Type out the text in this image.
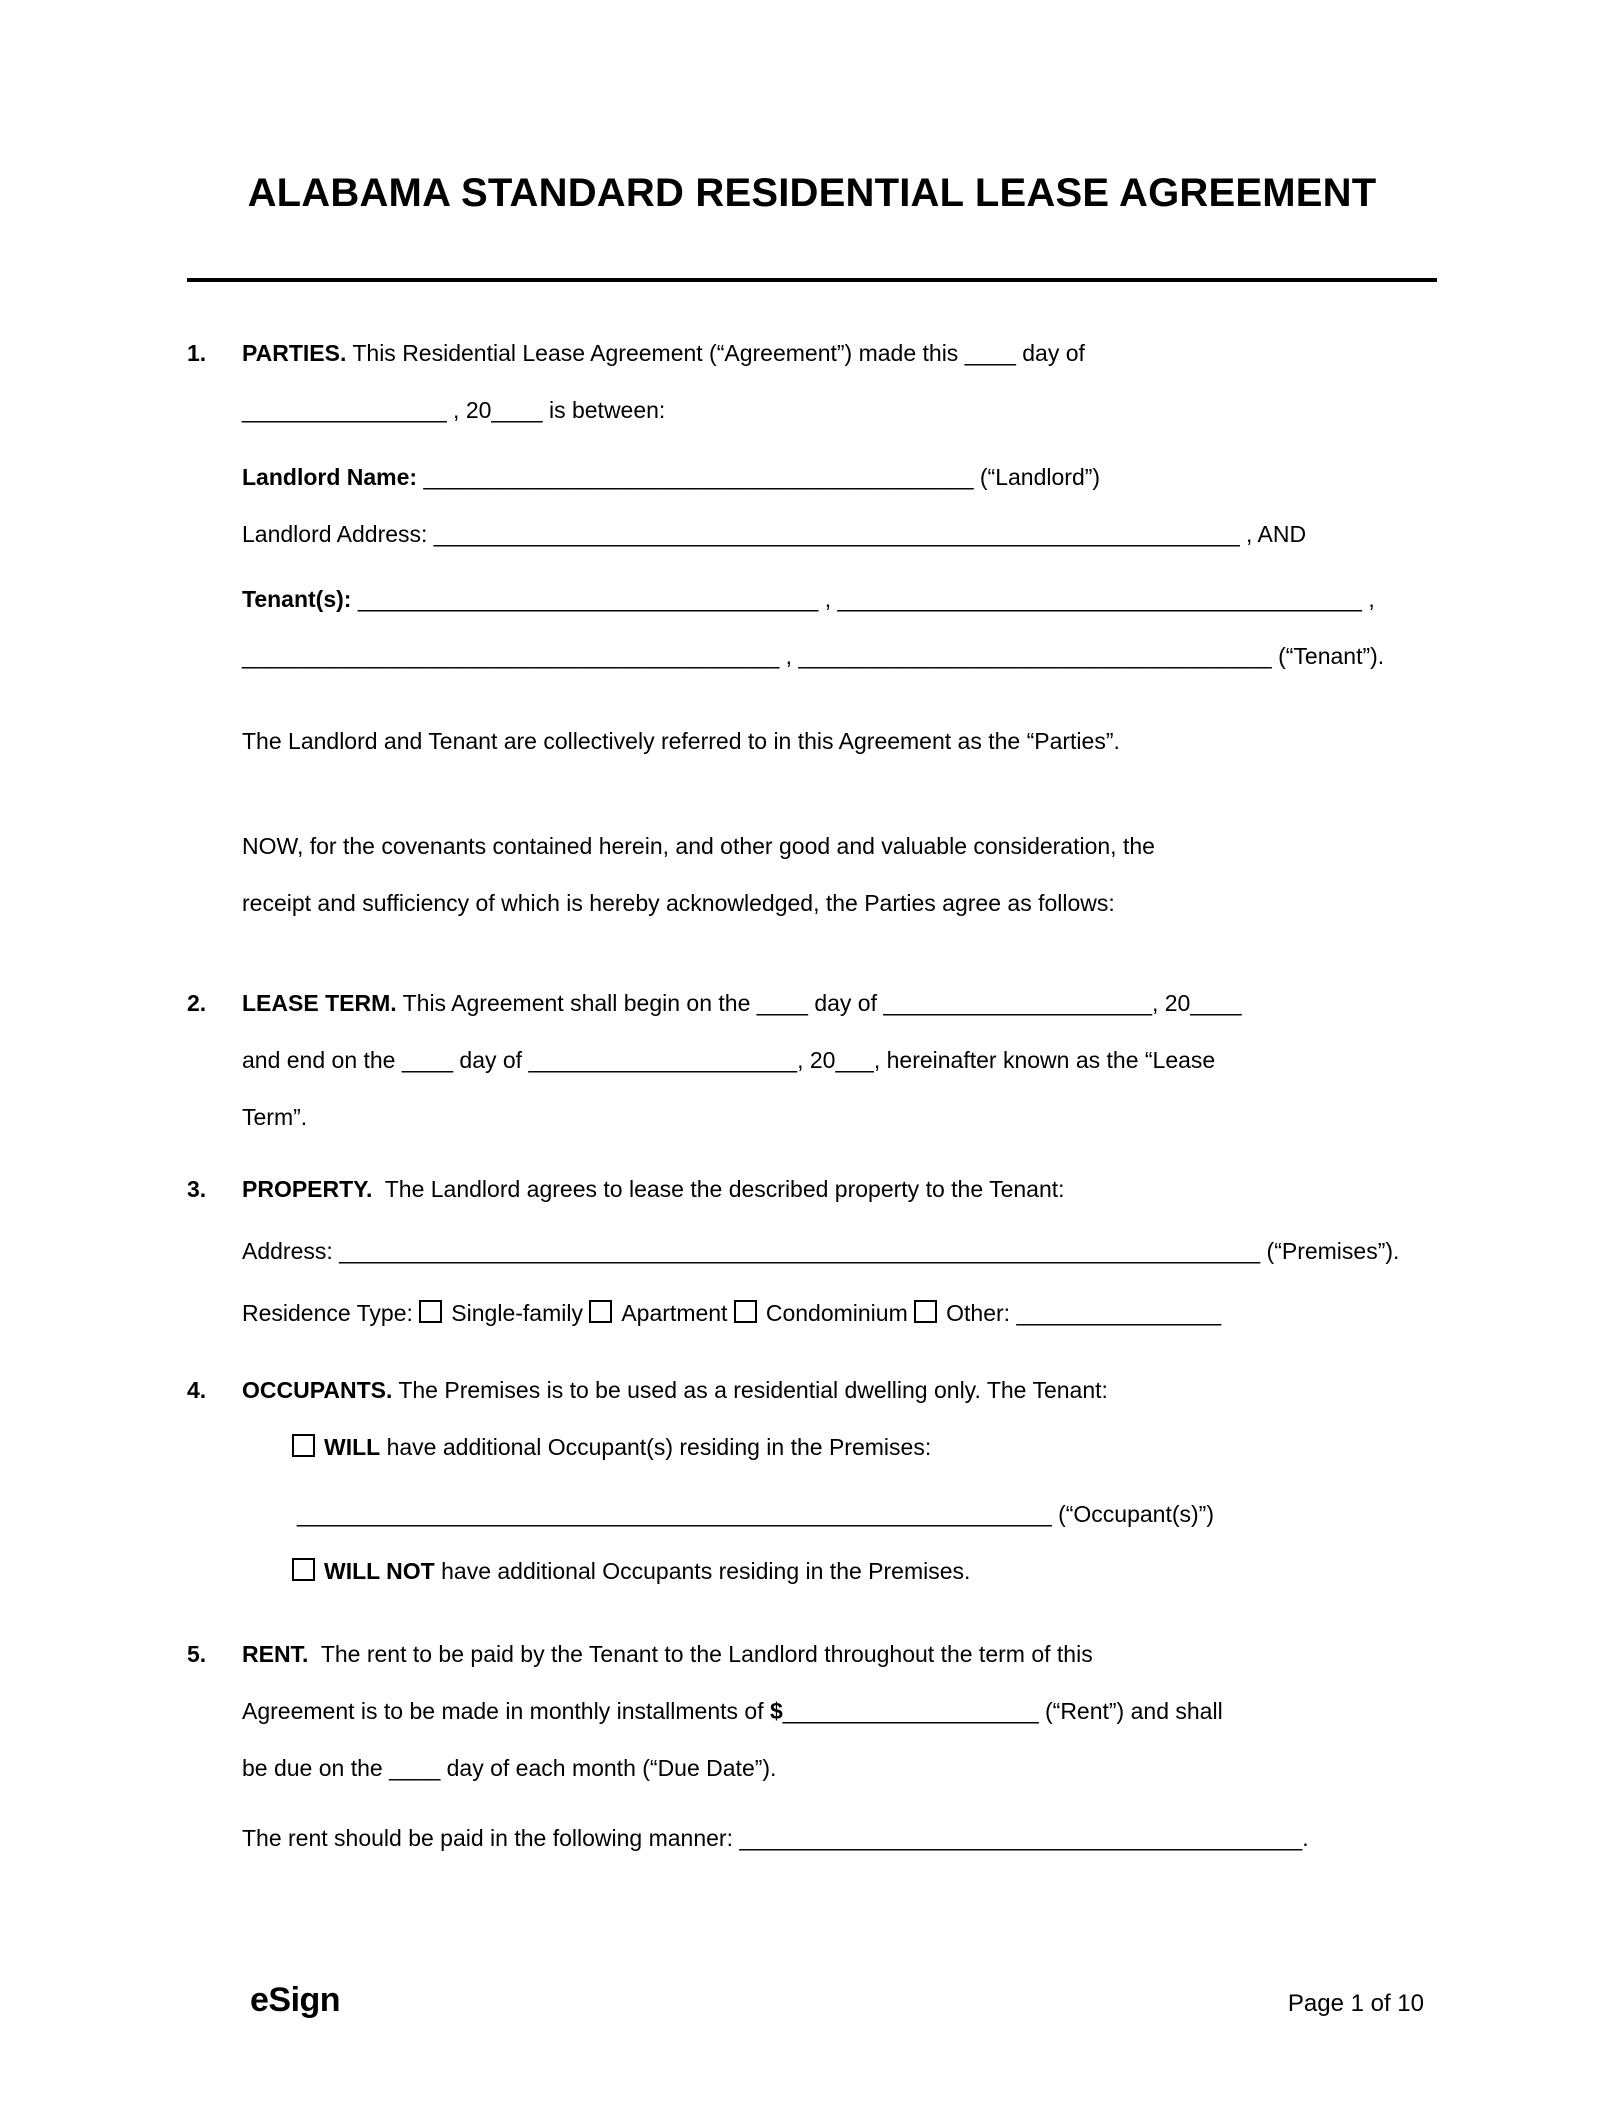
ALABAMA STANDARD RESIDENTIAL LEASE AGREEMENT
1.	PARTIES. This Residential Lease Agreement (“Agreement”) made this ____ day of
________________ , 20____ is between:
Landlord Name: ___________________________________________ (“Landlord”)
Landlord Address: _______________________________________________________________ , AND
Tenant(s): ____________________________________ , _________________________________________ ,
__________________________________________ , _____________________________________ (“Tenant”).
The Landlord and Tenant are collectively referred to in this Agreement as the “Parties”.
NOW, for the covenants contained herein, and other good and valuable consideration, the
receipt and sufficiency of which is hereby acknowledged, the Parties agree as follows:
2.	LEASE TERM. This Agreement shall begin on the ____ day of _____________________, 20____
and end on the ____ day of _____________________, 20___, hereinafter known as the “Lease
Term”.
3.	PROPERTY.  The Landlord agrees to lease the described property to the Tenant:
Address: ________________________________________________________________________ (“Premises”).
Residence Type: Single-family Apartment Condominium Other: ________________
4.	OCCUPANTS. The Premises is to be used as a residential dwelling only. The Tenant:
WILL have additional Occupant(s) residing in the Premises:
___________________________________________________________ (“Occupant(s)”)
WILL NOT have additional Occupants residing in the Premises.
5.	RENT.  The rent to be paid by the Tenant to the Landlord throughout the term of this
Agreement is to be made in monthly installments of $____________________ (“Rent”) and shall
be due on the ____ day of each month (“Due Date”).
The rent should be paid in the following manner: ____________________________________________.
eSign	Page 1 of 10
